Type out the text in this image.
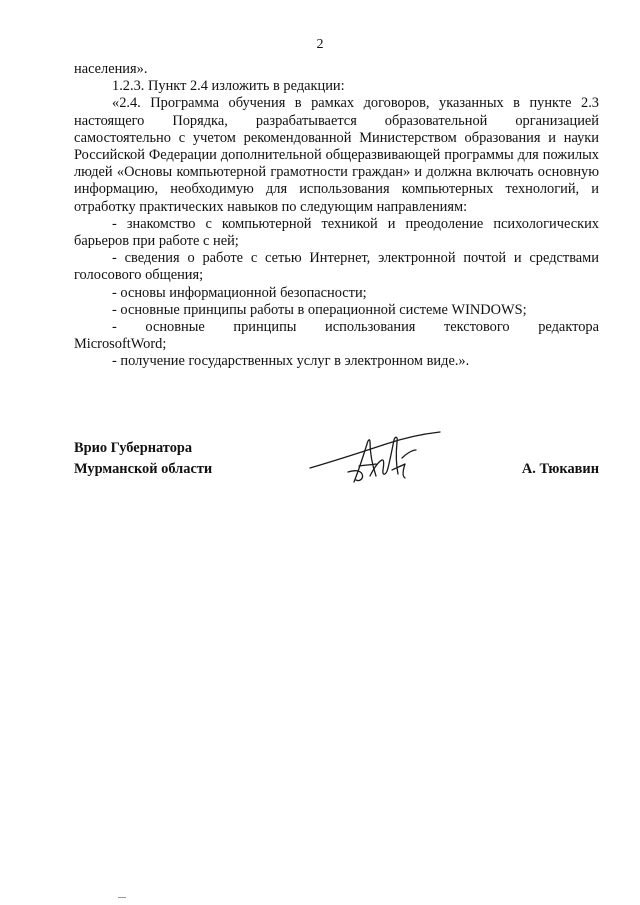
2

населения».

1.2.3. Пункт 2.4 изложить в редакции:

«2.4. Программа обучения в рамках договоров, указанных в пункте 2.3 настоящего Порядка, разрабатывается образовательной организацией самостоятельно с учетом рекомендованной Министерством образования и науки Российской Федерации дополнительной общеразвивающей программы для пожилых людей «Основы компьютерной грамотности граждан» и должна включать основную информацию, необходимую для использования компьютерных технологий, и отработку практических навыков по следующим направлениям:

- знакомство с компьютерной техникой и преодоление психологических барьеров при работе с ней;

- сведения о работе с сетью Интернет, электронной почтой и средствами голосового общения;

- основы информационной безопасности;

- основные принципы работы в операционной системе WINDOWS;

- основные принципы использования текстового редактора

MicrosoftWord;

- получение государственных услуг в электронном виде.».

Врио Губернатора
Мурманской области	А. Тюкавин
